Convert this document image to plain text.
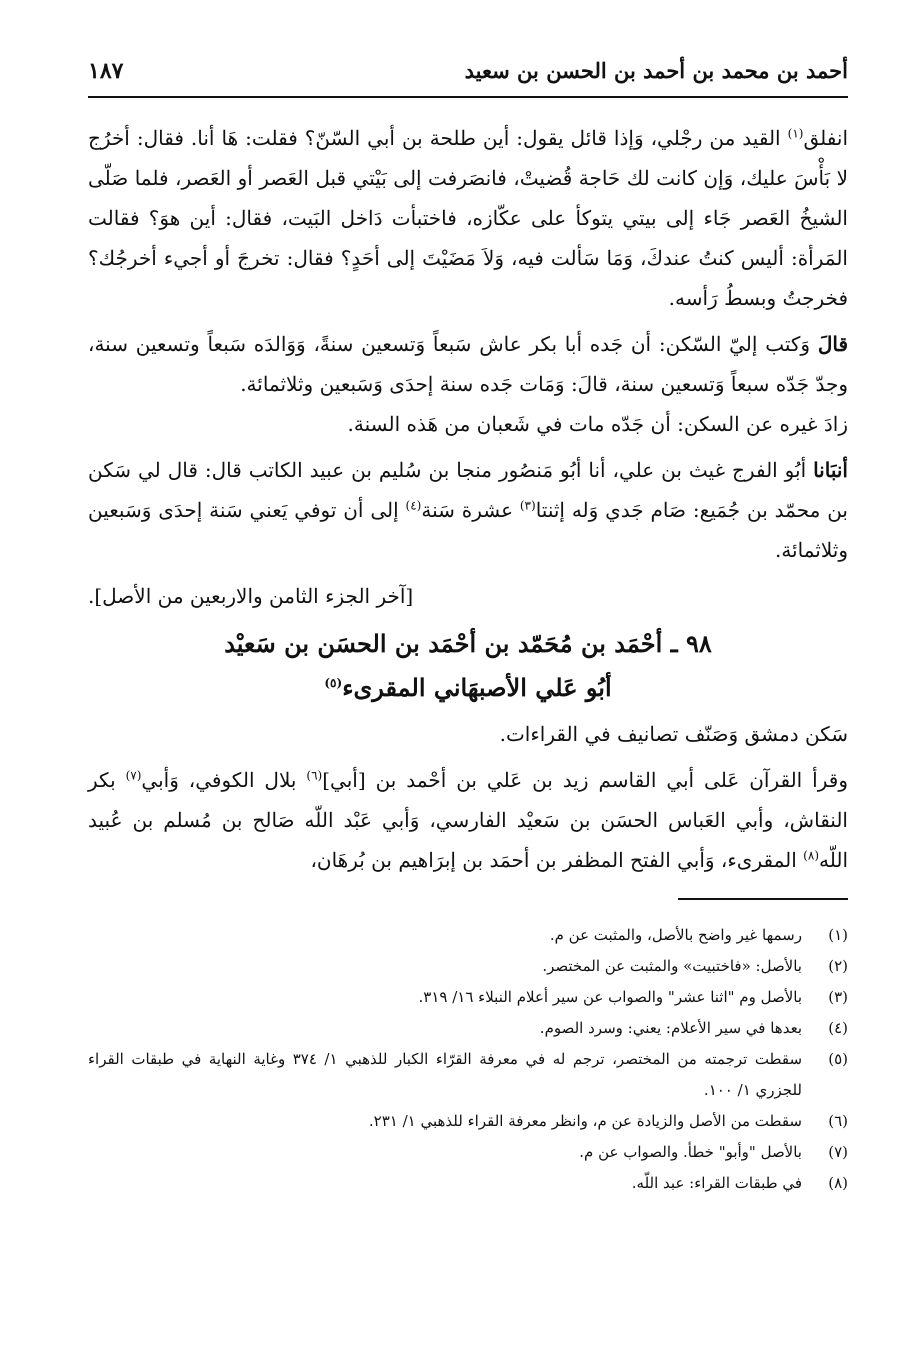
أحمد بن محمد بن أحمد بن الحسن بن سعيد
١٨٧

انفلق$^{(١)}$ القيد من رجْلي، وَإذا قائل يقول: أين طلحة بن أبي السّنّ؟ فقلت: هَا أنا. فقال: أخرُج لا بَأْسَ عليك، وَإن كانت لك حَاجة قُضيتْ، فانصَرفت إلى بَيْتي قبل العَصر أو العَصر، فلما صَلّى الشيخُ العَصر جَاء إلى بيتي يتوكأ على عكّازه، فاختبأت دَاخل البَيت، فقال: أين هوَ؟ فقالت المَرأة: أليس كنتُ عندكَ، وَمَا سَألت فيه، وَلاَ مَضَيْتَ إلى أحَدٍ؟ فقال: تخرجَ أو أجيء أخرجُك؟ فخرجتُ وبسطُ رَأسه.

قالَ وَكتب إليّ السّكن: أن جَده أبا بكر عاش سَبعاً وَتسعين سنةً، وَوَالدَه سَبعاً وتسعين سنة، وجدّ جَدّه سبعاً وَتسعين سنة، قالَ: وَمَات جَده سنة إحدَى وَسَبعين وثلاثمائة.

زادَ غيره عن السكن: أن جَدّه مات في شَعبان من هَذه السنة.

أنبَانا أبُو الفرج غيث بن علي، أنا أبُو مَنصُور منجا بن سُليم بن عبيد الكاتب قال: قال لي سَكن بن محمّد بن جُمَيع: صَام جَدي وَله إثنتا$^{(٣)}$ عشرة سَنة$^{(٤)}$ إلى أن توفي يَعني سَنة إحدَى وَسَبعين وثلاثمائة.

[آخر الجزء الثامن والاربعين من الأصل].

٩٨ ـ أحْمَد بن مُحَمّد بن أحْمَد بن الحسَن بن سَعيْد
أبُو عَلي الأصبهَاني المقرىء$^{(٥)}$

سَكن دمشق وَصَنّف تصانيف في القراءات.

وقرأ القرآن عَلى أبي القاسم زيد بن عَلي بن أحْمد بن [أبي]$^{(٦)}$ بلال الكوفي، وَأبي$^{(٧)}$ بكر النقاش، وأبي العَباس الحسَن بن سَعيْد الفارسي، وَأبي عَبْد اللّه صَالح بن مُسلم بن عُبيد اللّه$^{(٨)}$ المقرىء، وَأبي الفتح المظفر بن أحمَد بن إبرَاهيم بن بُرهَان،

(١)
رسمها غير واضح بالأصل، والمثبت عن م.
(٢)
بالأصل: «فاختبيت» والمثبت عن المختصر.
(٣)
بالأصل وم "اثنا عشر" والصواب عن سير أعلام النبلاء ١٦/ ٣١٩.
(٤)
بعدها في سير الأعلام: يعني: وسرد الصوم.
(٥)
سقطت ترجمته من المختصر، ترجم له في معرفة القرّاء الكبار للذهبي ١/ ٣٧٤ وغاية النهاية في طبقات القراء للجزري ١/ ١٠٠.
(٦)
سقطت من الأصل والزيادة عن م، وانظر معرفة القراء للذهبي ١/ ٢٣١.
(٧)
بالأصل "وأبو" خطأ. والصواب عن م.
(٨)
في طبقات القراء: عبد اللّه.
